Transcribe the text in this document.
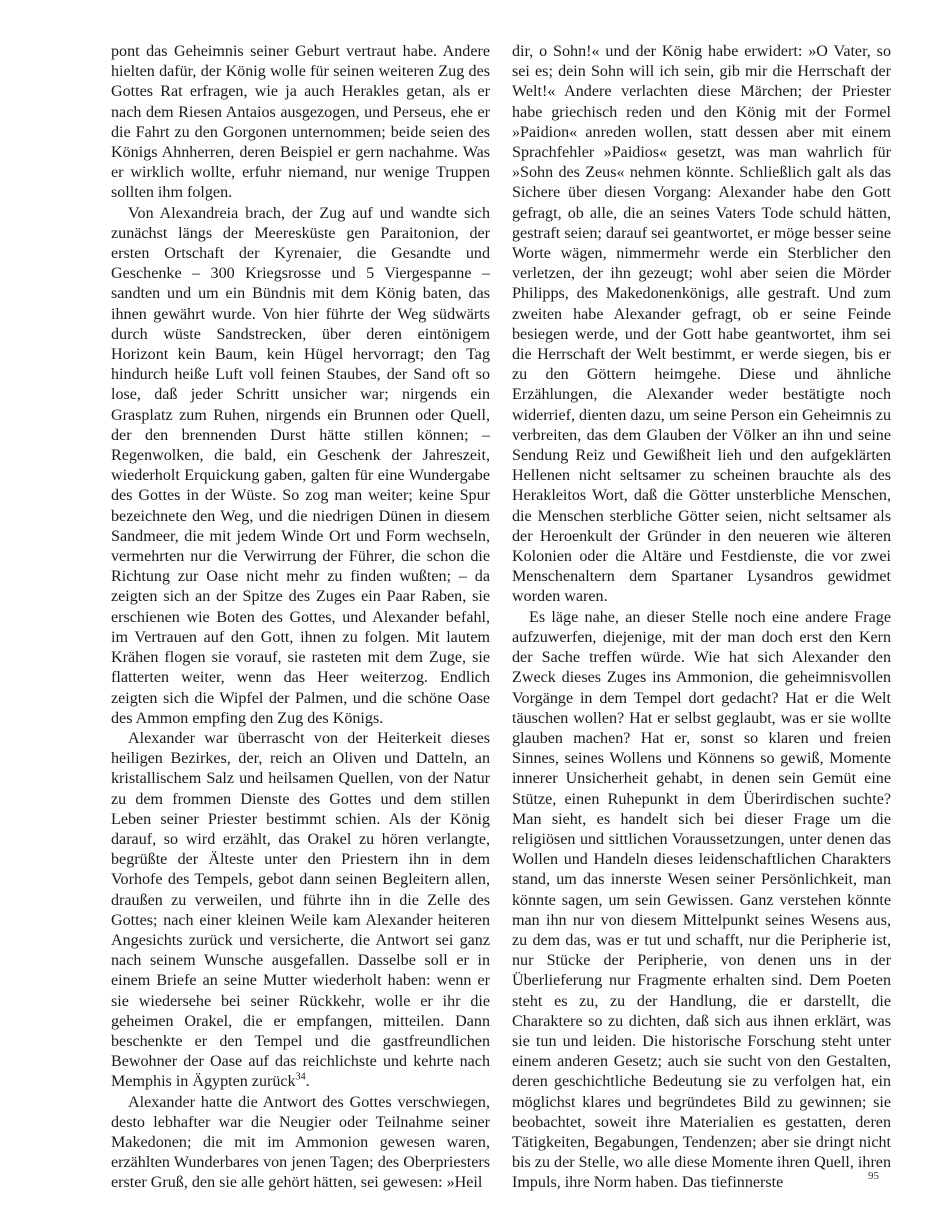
pont das Geheimnis seiner Geburt vertraut habe. Andere hielten dafür, der König wolle für seinen weiteren Zug des Gottes Rat erfragen, wie ja auch Herakles getan, als er nach dem Riesen Antaios ausgezogen, und Perseus, ehe er die Fahrt zu den Gorgonen unternommen; beide seien des Königs Ahnherren, deren Beispiel er gern nachahme. Was er wirklich wollte, erfuhr niemand, nur wenige Truppen sollten ihm folgen.

Von Alexandreia brach, der Zug auf und wandte sich zunächst längs der Meeresküste gen Paraitonion, der ersten Ortschaft der Kyrenaier, die Gesandte und Geschenke – 300 Kriegsrosse und 5 Viergespanne – sandten und um ein Bündnis mit dem König baten, das ihnen gewährt wurde. Von hier führte der Weg südwärts durch wüste Sandstrecken, über deren eintönigem Horizont kein Baum, kein Hügel hervorragt; den Tag hindurch heiße Luft voll feinen Staubes, der Sand oft so lose, daß jeder Schritt unsicher war; nirgends ein Grasplatz zum Ruhen, nirgends ein Brunnen oder Quell, der den brennenden Durst hätte stillen können; – Regenwolken, die bald, ein Geschenk der Jahreszeit, wiederholt Erquickung gaben, galten für eine Wundergabe des Gottes in der Wüste. So zog man weiter; keine Spur bezeichnete den Weg, und die niedrigen Dünen in diesem Sandmeer, die mit jedem Winde Ort und Form wechseln, vermehrten nur die Verwirrung der Führer, die schon die Richtung zur Oase nicht mehr zu finden wußten; – da zeigten sich an der Spitze des Zuges ein Paar Raben, sie erschienen wie Boten des Gottes, und Alexander befahl, im Vertrauen auf den Gott, ihnen zu folgen. Mit lautem Krähen flogen sie vorauf, sie rasteten mit dem Zuge, sie flatterten weiter, wenn das Heer weiterzog. Endlich zeigten sich die Wipfel der Palmen, und die schöne Oase des Ammon empfing den Zug des Königs.

Alexander war überrascht von der Heiterkeit dieses heiligen Bezirkes, der, reich an Oliven und Datteln, an kristallischem Salz und heilsamen Quellen, von der Natur zu dem frommen Dienste des Gottes und dem stillen Leben seiner Priester bestimmt schien. Als der König darauf, so wird erzählt, das Orakel zu hören verlangte, begrüßte der Älteste unter den Priestern ihn in dem Vorhofe des Tempels, gebot dann seinen Begleitern allen, draußen zu verweilen, und führte ihn in die Zelle des Gottes; nach einer kleinen Weile kam Alexander heiteren Angesichts zurück und versicherte, die Antwort sei ganz nach seinem Wunsche ausgefallen. Dasselbe soll er in einem Briefe an seine Mutter wiederholt haben: wenn er sie wiedersehe bei seiner Rückkehr, wolle er ihr die geheimen Orakel, die er empfangen, mitteilen. Dann beschenkte er den Tempel und die gastfreundlichen Bewohner der Oase auf das reichlichste und kehrte nach Memphis in Ägypten zurück$^{34}$.

Alexander hatte die Antwort des Gottes verschwiegen, desto lebhafter war die Neugier oder Teilnahme seiner Makedonen; die mit im Ammonion gewesen waren, erzählten Wunderbares von jenen Tagen; des Oberpriesters erster Gruß, den sie alle gehört hätten, sei gewesen: »Heil

dir, o Sohn!« und der König habe erwidert: »O Vater, so sei es; dein Sohn will ich sein, gib mir die Herrschaft der Welt!« Andere verlachten diese Märchen; der Priester habe griechisch reden und den König mit der Formel »Paidion« anreden wollen, statt dessen aber mit einem Sprachfehler »Paidios« gesetzt, was man wahrlich für »Sohn des Zeus« nehmen könnte. Schließlich galt als das Sichere über diesen Vorgang: Alexander habe den Gott gefragt, ob alle, die an seines Vaters Tode schuld hätten, gestraft seien; darauf sei geantwortet, er möge besser seine Worte wägen, nimmermehr werde ein Sterblicher den verletzen, der ihn gezeugt; wohl aber seien die Mörder Philipps, des Makedonenkönigs, alle gestraft. Und zum zweiten habe Alexander gefragt, ob er seine Feinde besiegen werde, und der Gott habe geantwortet, ihm sei die Herrschaft der Welt bestimmt, er werde siegen, bis er zu den Göttern heimgehe. Diese und ähnliche Erzählungen, die Alexander weder bestätigte noch widerrief, dienten dazu, um seine Person ein Geheimnis zu verbreiten, das dem Glauben der Völker an ihn und seine Sendung Reiz und Gewißheit lieh und den aufgeklärten Hellenen nicht seltsamer zu scheinen brauchte als des Herakleitos Wort, daß die Götter unsterbliche Menschen, die Menschen sterbliche Götter seien, nicht seltsamer als der Heroenkult der Gründer in den neueren wie älteren Kolonien oder die Altäre und Festdienste, die vor zwei Menschenaltern dem Spartaner Lysandros gewidmet worden waren.

Es läge nahe, an dieser Stelle noch eine andere Frage aufzuwerfen, diejenige, mit der man doch erst den Kern der Sache treffen würde. Wie hat sich Alexander den Zweck dieses Zuges ins Ammonion, die geheimnisvollen Vorgänge in dem Tempel dort gedacht? Hat er die Welt täuschen wollen? Hat er selbst geglaubt, was er sie wollte glauben machen? Hat er, sonst so klaren und freien Sinnes, seines Wollens und Könnens so gewiß, Momente innerer Unsicherheit gehabt, in denen sein Gemüt eine Stütze, einen Ruhepunkt in dem Überirdischen suchte? Man sieht, es handelt sich bei dieser Frage um die religiösen und sittlichen Voraussetzungen, unter denen das Wollen und Handeln dieses leidenschaftlichen Charakters stand, um das innerste Wesen seiner Persönlichkeit, man könnte sagen, um sein Gewissen. Ganz verstehen könnte man ihn nur von diesem Mittelpunkt seines Wesens aus, zu dem das, was er tut und schafft, nur die Peripherie ist, nur Stücke der Peripherie, von denen uns in der Überlieferung nur Fragmente erhalten sind. Dem Poeten steht es zu, zu der Handlung, die er darstellt, die Charaktere so zu dichten, daß sich aus ihnen erklärt, was sie tun und leiden. Die historische Forschung steht unter einem anderen Gesetz; auch sie sucht von den Gestalten, deren geschichtliche Bedeutung sie zu verfolgen hat, ein möglichst klares und begründetes Bild zu gewinnen; sie beobachtet, soweit ihre Materialien es gestatten, deren Tätigkeiten, Begabungen, Tendenzen; aber sie dringt nicht bis zu der Stelle, wo alle diese Momente ihren Quell, ihren Impuls, ihre Norm haben. Das tiefinnerste	95
